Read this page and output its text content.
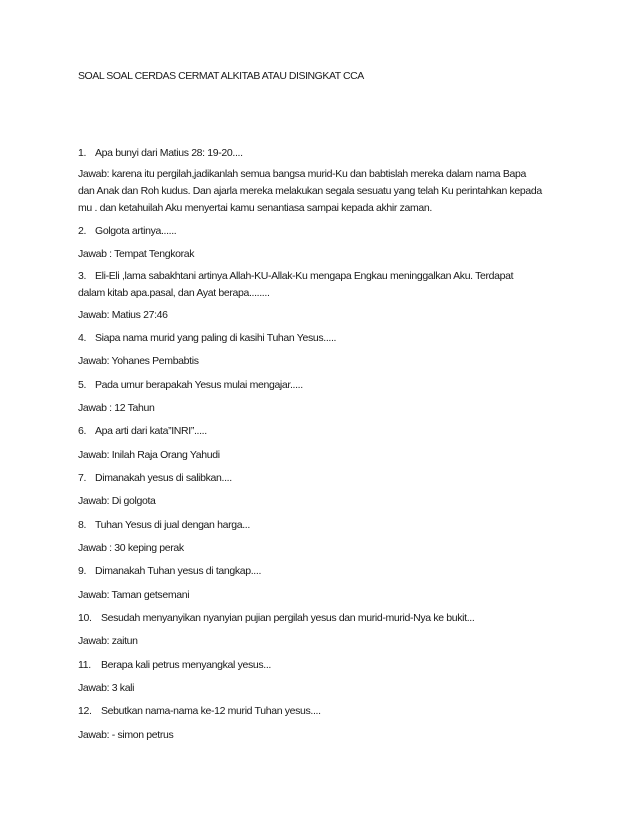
SOAL SOAL CERDAS CERMAT ALKITAB ATAU DISINGKAT CCA
1. Apa bunyi dari Matius 28: 19-20....
Jawab: karena itu pergilah,jadikanlah semua bangsa murid-Ku dan babtislah mereka dalam nama Bapa
dan Anak dan Roh kudus. Dan ajarla mereka melakukan segala sesuatu yang telah Ku perintahkan kepada
mu . dan ketahuilah Aku menyertai kamu senantiasa sampai kepada akhir zaman.
2. Golgota artinya......
Jawab : Tempat Tengkorak
3. Eli-Eli ,lama sabakhtani artinya Allah-KU-Allak-Ku mengapa Engkau meninggalkan Aku. Terdapat
dalam kitab apa.pasal, dan Ayat berapa........
Jawab: Matius 27:46
4. Siapa nama murid yang paling di kasihi Tuhan Yesus.....
Jawab: Yohanes Pembabtis
5. Pada umur berapakah Yesus mulai mengajar.....
Jawab : 12 Tahun
6. Apa arti dari kata”INRI”.....
Jawab: Inilah Raja Orang Yahudi
7. Dimanakah yesus di salibkan....
Jawab: Di golgota
8. Tuhan Yesus di jual dengan harga...
Jawab : 30 keping perak
9. Dimanakah Tuhan yesus di tangkap....
Jawab: Taman getsemani
10. Sesudah menyanyikan nyanyian pujian pergilah yesus dan murid-murid-Nya ke bukit...
Jawab: zaitun
11. Berapa kali petrus menyangkal yesus...
Jawab: 3 kali
12. Sebutkan nama-nama ke-12 murid Tuhan yesus....
Jawab: - simon petrus
